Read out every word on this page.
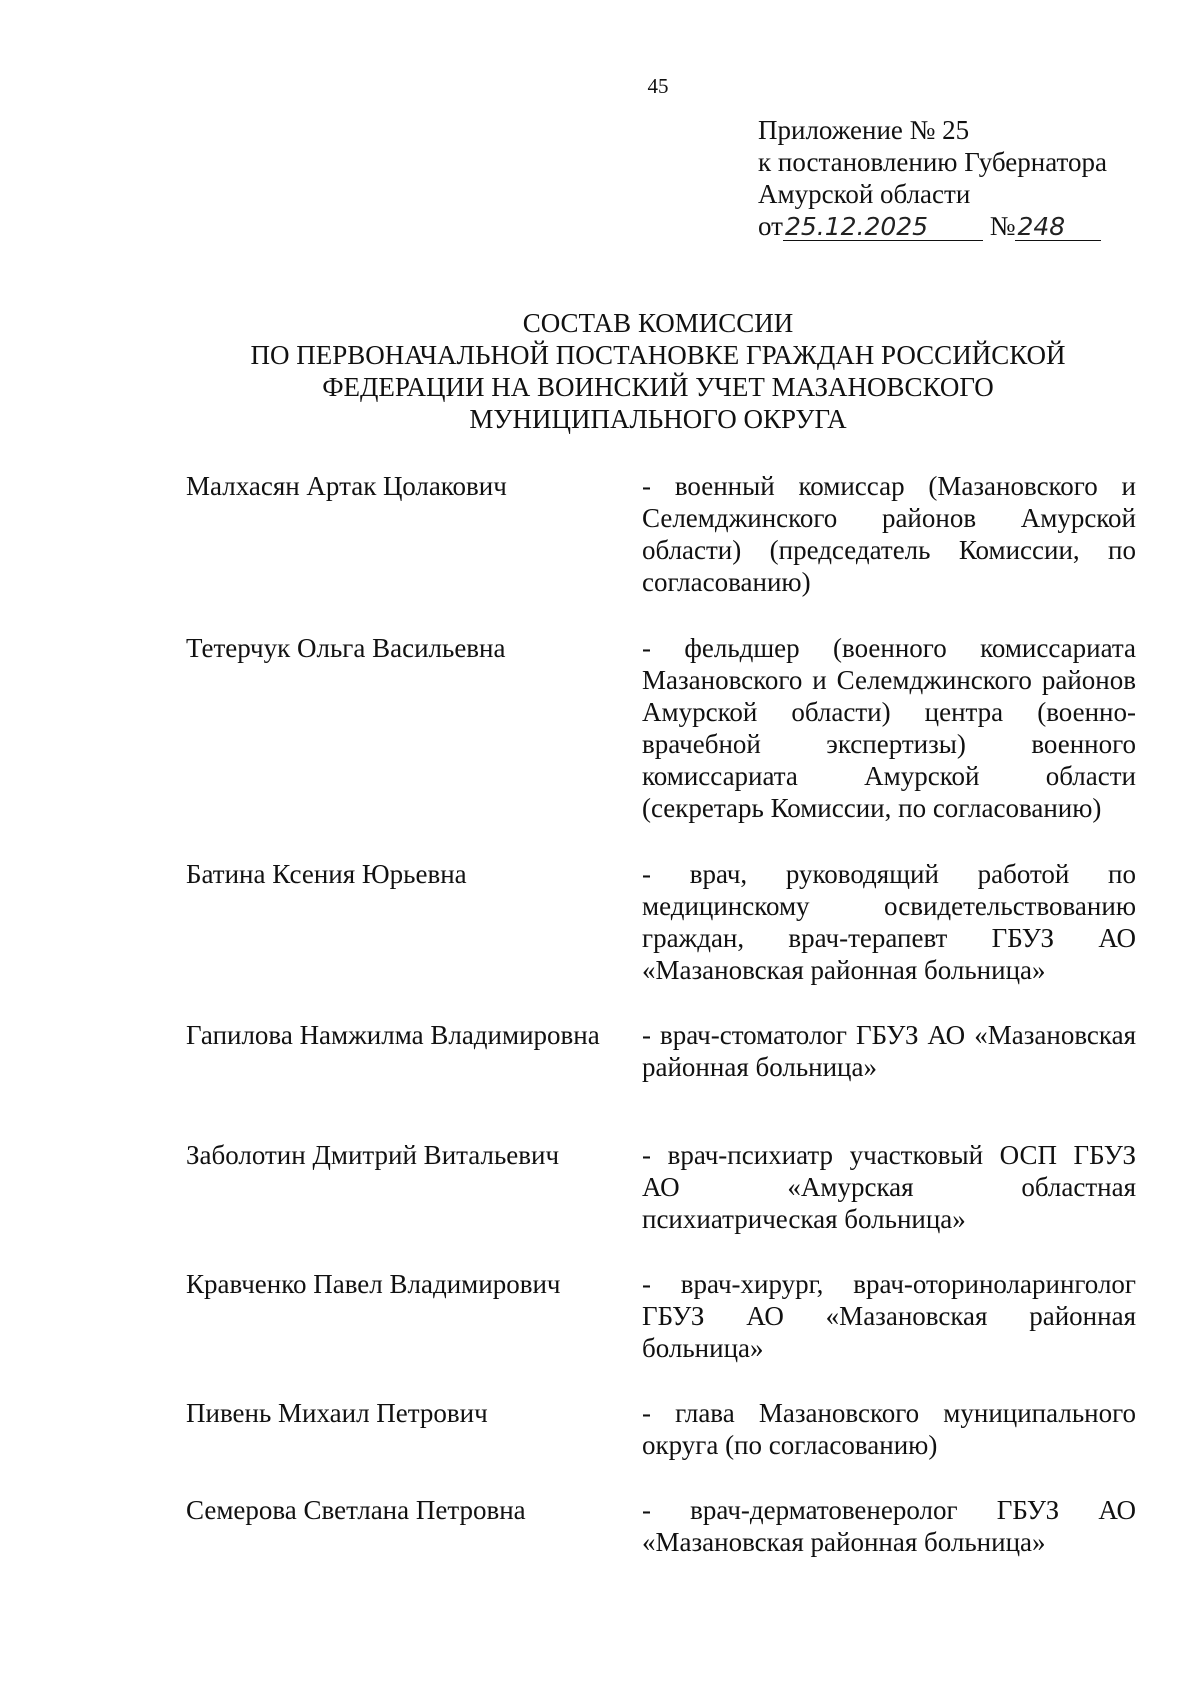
45
Приложение № 25
к постановлению Губернатора
Амурской области
от25.12.2025 №248
СОСТАВ КОМИССИИ
ПО ПЕРВОНАЧАЛЬНОЙ ПОСТАНОВКЕ ГРАЖДАН РОССИЙСКОЙ
ФЕДЕРАЦИИ НА ВОИНСКИЙ УЧЕТ МАЗАНОВСКОГО
МУНИЦИПАЛЬНОГО ОКРУГА
Малхасян Артак Цолакович	- военный комиссар (Мазановского и Селемджинского районов Амурской области) (председатель Комиссии, по согласованию)
Тетерчук Ольга Васильевна	- фельдшер (военного комиссариата Мазановского и Селемджинского районов Амурской области) центра (военно-врачебной экспертизы) военного комиссариата Амурской области (секретарь Комиссии, по согласованию)
Батина Ксения Юрьевна	- врач, руководящий работой по медицинскому освидетельствованию граждан, врач-терапевт ГБУЗ АО «Мазановская районная больница»
Гапилова Намжилма Владимировна	- врач-стоматолог ГБУЗ АО «Мазановская районная больница»
Заболотин Дмитрий Витальевич	- врач-психиатр участковый ОСП ГБУЗ АО «Амурская областная психиатрическая больница»
Кравченко Павел Владимирович	- врач-хирург, врач-оториноларинголог ГБУЗ АО «Мазановская районная больница»
Пивень Михаил Петрович	- глава Мазановского муниципального округа (по согласованию)
Семерова Светлана Петровна	- врач-дерматовенеролог ГБУЗ АО «Мазановская районная больница»
